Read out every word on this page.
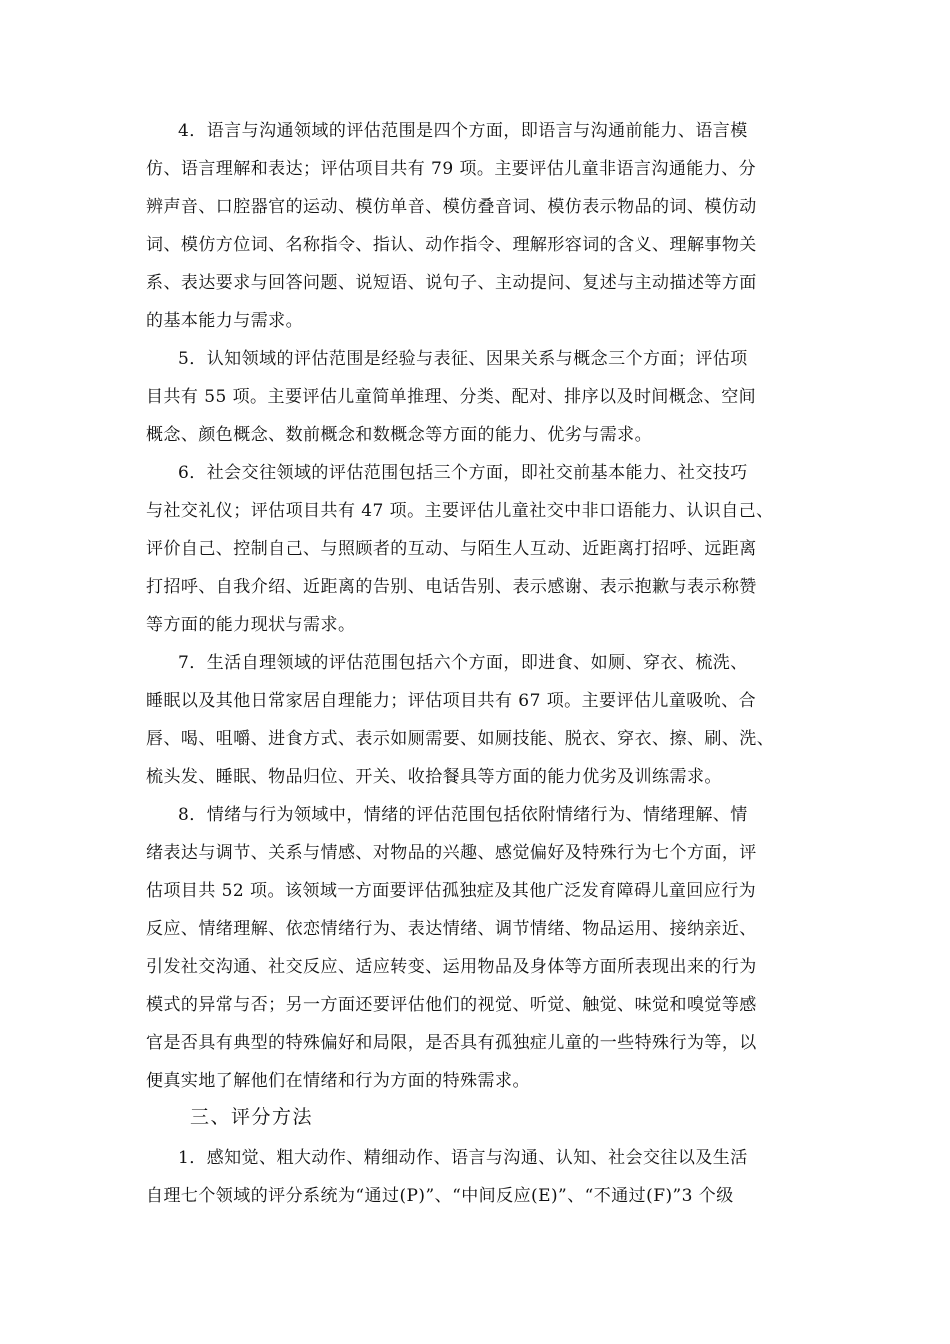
4．语言与沟通领域的评估范围是四个方面，即语言与沟通前能力、语言模
仿、语言理解和表达；评估项目共有 79 项。主要评估儿童非语言沟通能力、分
辨声音、口腔器官的运动、模仿单音、模仿叠音词、模仿表示物品的词、模仿动
词、模仿方位词、名称指令、指认、动作指令、理解形容词的含义、理解事物关
系、表达要求与回答问题、说短语、说句子、主动提问、复述与主动描述等方面
的基本能力与需求。
5．认知领域的评估范围是经验与表征、因果关系与概念三个方面；评估项
目共有 55 项。主要评估儿童简单推理、分类、配对、排序以及时间概念、空间
概念、颜色概念、数前概念和数概念等方面的能力、优劣与需求。
6．社会交往领域的评估范围包括三个方面，即社交前基本能力、社交技巧
与社交礼仪；评估项目共有 47 项。主要评估儿童社交中非口语能力、认识自己、
评价自己、控制自己、与照顾者的互动、与陌生人互动、近距离打招呼、远距离
打招呼、自我介绍、近距离的告别、电话告别、表示感谢、表示抱歉与表示称赞
等方面的能力现状与需求。
7．生活自理领域的评估范围包括六个方面，即进食、如厕、穿衣、梳洗、
睡眠以及其他日常家居自理能力；评估项目共有 67 项。主要评估儿童吸吮、合
唇、喝、咀嚼、进食方式、表示如厕需要、如厕技能、脱衣、穿衣、擦、刷、洗、
梳头发、睡眠、物品归位、开关、收拾餐具等方面的能力优劣及训练需求。
8．情绪与行为领域中，情绪的评估范围包括依附情绪行为、情绪理解、情
绪表达与调节、关系与情感、对物品的兴趣、感觉偏好及特殊行为七个方面，评
估项目共 52 项。该领域一方面要评估孤独症及其他广泛发育障碍儿童回应行为
反应、情绪理解、依恋情绪行为、表达情绪、调节情绪、物品运用、接纳亲近、
引发社交沟通、社交反应、适应转变、运用物品及身体等方面所表现出来的行为
模式的异常与否；另一方面还要评估他们的视觉、听觉、触觉、味觉和嗅觉等感
官是否具有典型的特殊偏好和局限，是否具有孤独症儿童的一些特殊行为等，以
便真实地了解他们在情绪和行为方面的特殊需求。
三、评分方法
1．感知觉、粗大动作、精细动作、语言与沟通、认知、社会交往以及生活
自理七个领域的评分系统为“通过(P)”、“中间反应(E)”、“不通过(F)”3 个级
